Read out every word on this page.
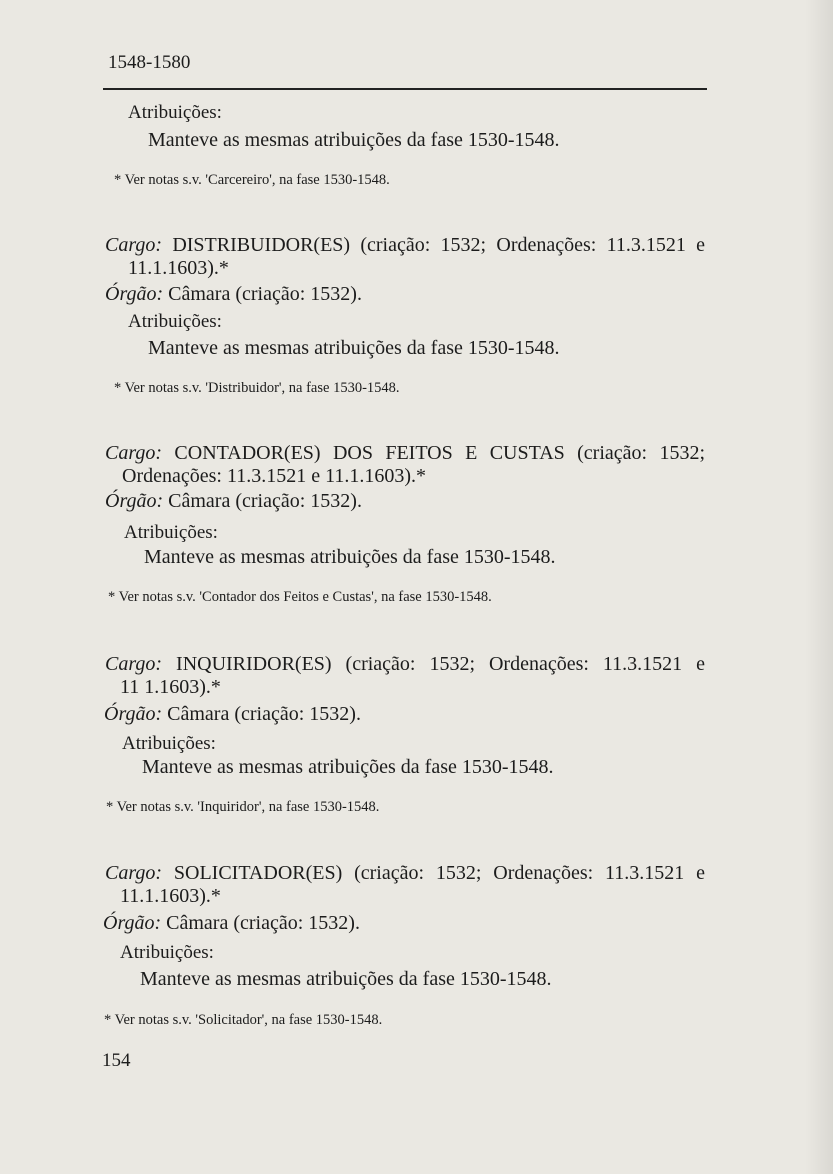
1548-1580
Atribuições:
Manteve as mesmas atribuições da fase 1530-1548.
* Ver notas s.v. 'Carcereiro', na fase 1530-1548.
Cargo: DISTRIBUIDOR(ES) (criação: 1532; Ordenações: 11.3.1521 e
11.1.1603).*
Órgão: Câmara (criação: 1532).
Atribuições:
Manteve as mesmas atribuições da fase 1530-1548.
* Ver notas s.v. 'Distribuidor', na fase 1530-1548.
Cargo: CONTADOR(ES) DOS FEITOS E CUSTAS (criação: 1532;
Ordenações: 11.3.1521 e 11.1.1603).*
Órgão: Câmara (criação: 1532).
Atribuições:
Manteve as mesmas atribuições da fase 1530-1548.
* Ver notas s.v. 'Contador dos Feitos e Custas', na fase 1530-1548.
Cargo: INQUIRIDOR(ES) (criação: 1532; Ordenações: 11.3.1521 e
11 1.1603).*
Órgão: Câmara (criação: 1532).
Atribuições:
Manteve as mesmas atribuições da fase 1530-1548.
* Ver notas s.v. 'Inquiridor', na fase 1530-1548.
Cargo: SOLICITADOR(ES) (criação: 1532; Ordenações: 11.3.1521 e
11.1.1603).*
Órgão: Câmara (criação: 1532).
Atribuições:
Manteve as mesmas atribuições da fase 1530-1548.
* Ver notas s.v. 'Solicitador', na fase 1530-1548.
154
